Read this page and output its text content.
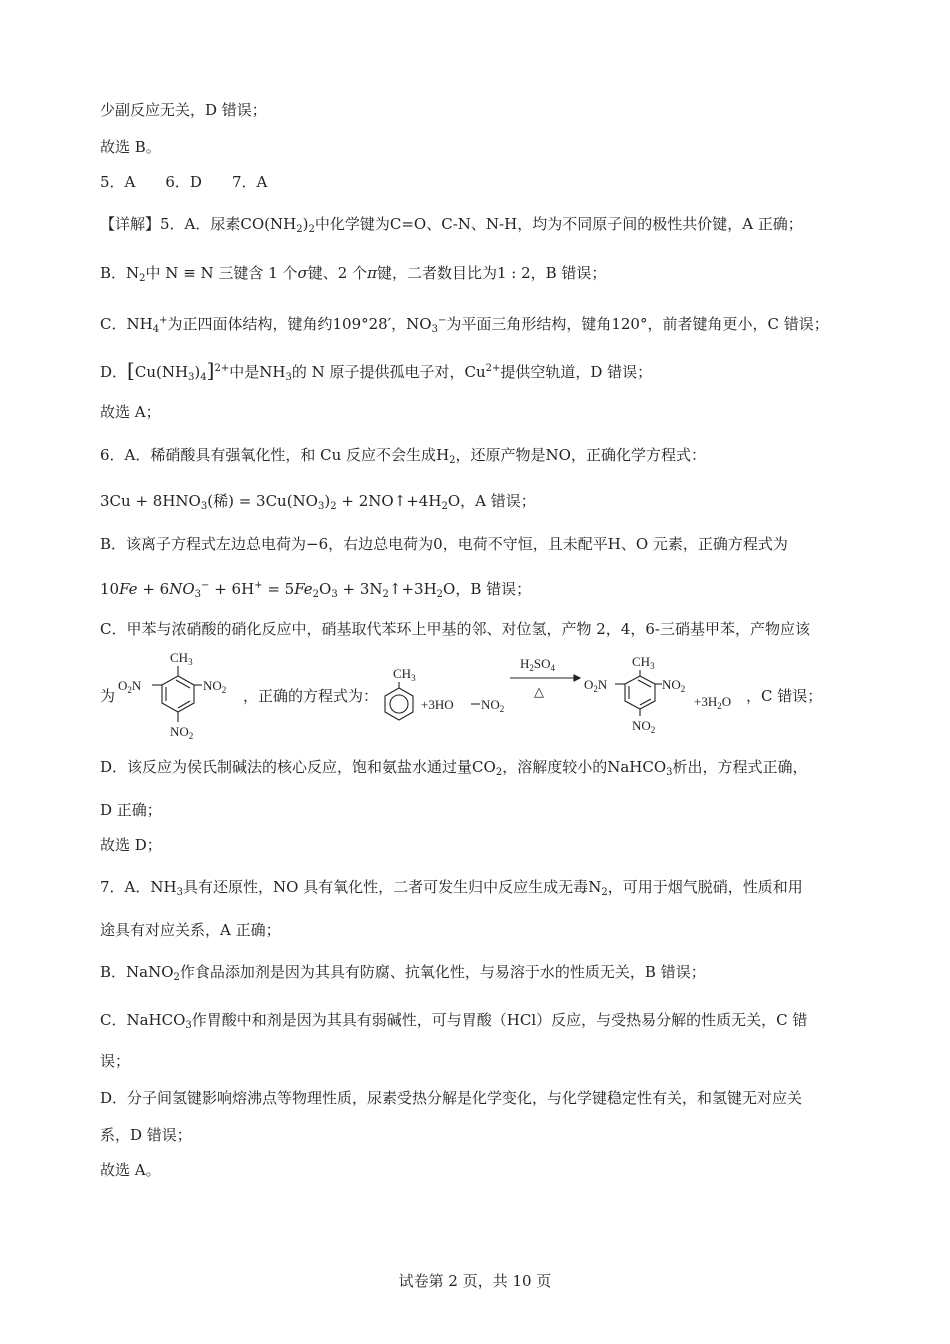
少副反应无关，D 错误；
故选 B。
5．A　　6．D　　7．A
【详解】5．A．尿素$CO(NH_2)_2$中化学键为C=O、C-N、N-H，均为不同原子间的极性共价键，A 正确；
B．$N_2$中 N ≡ N 三键含 1 个σ键、2 个π键，二者数目比为1 : 2，B 错误；
C．$NH_4^+$为正四面体结构，键角约109°28′，$NO_3^-$为平面三角形结构，键角120°，前者键角更小，C 错误；
D．$[Cu(NH_3)_4]^{2+}$中是$NH_3$的 N 原子提供孤电子对，$Cu^{2+}$提供空轨道，D 错误；
故选 A；
6．A．稀硝酸具有强氧化性，和 Cu 反应不会生成$H_2$，还原产物是NO，正确化学方程式：
$3Cu + 8HNO_3$(稀) = $3Cu(NO_3)_2$ + $2NO↑+4H_2O$，A 错误；
B．该离子方程式左边总电荷为−6，右边总电荷为0，电荷不守恒，且未配平H、O 元素，正确方程式为
$10Fe + 6NO_3^- + 6H^+ = 5Fe_2O_3$ + $3N_2↑+3H_2O$，B 错误；
C．甲苯与浓硝酸的硝化反应中，硝基取代苯环上甲基的邻、对位氢，产物 2，4，6-三硝基甲苯，产物应该
为
$CH_3$
$NO_2$
$O_2N$
$NO_2$
，正确的方程式为：
$CH_3$
+3HO $NO_2$
$H_2SO_4$
△
$CH_3$
$NO_2$
$O_2N$
$NO_2$
$+3H_2O$ ，C 错误；
D．该反应为侯氏制碱法的核心反应，饱和氨盐水通过量$CO_2$，溶解度较小的NaHCO$_3$析出，方程式正确，
D 正确；
故选 D；
7．A．$NH_3$具有还原性，NO 具有氧化性，二者可发生归中反应生成无毒$N_2$，可用于烟气脱硝，性质和用
途具有对应关系，A 正确；
B．NaNO$_2$作食品添加剂是因为其具有防腐、抗氧化性，与易溶于水的性质无关，B 错误；
C．NaHCO$_3$作胃酸中和剂是因为其具有弱碱性，可与胃酸（HCl）反应，与受热易分解的性质无关，C 错
误；
D．分子间氢键影响熔沸点等物理性质，尿素受热分解是化学变化，与化学键稳定性有关，和氢键无对应关
系，D 错误；
故选 A。
试卷第 2 页，共 10 页
